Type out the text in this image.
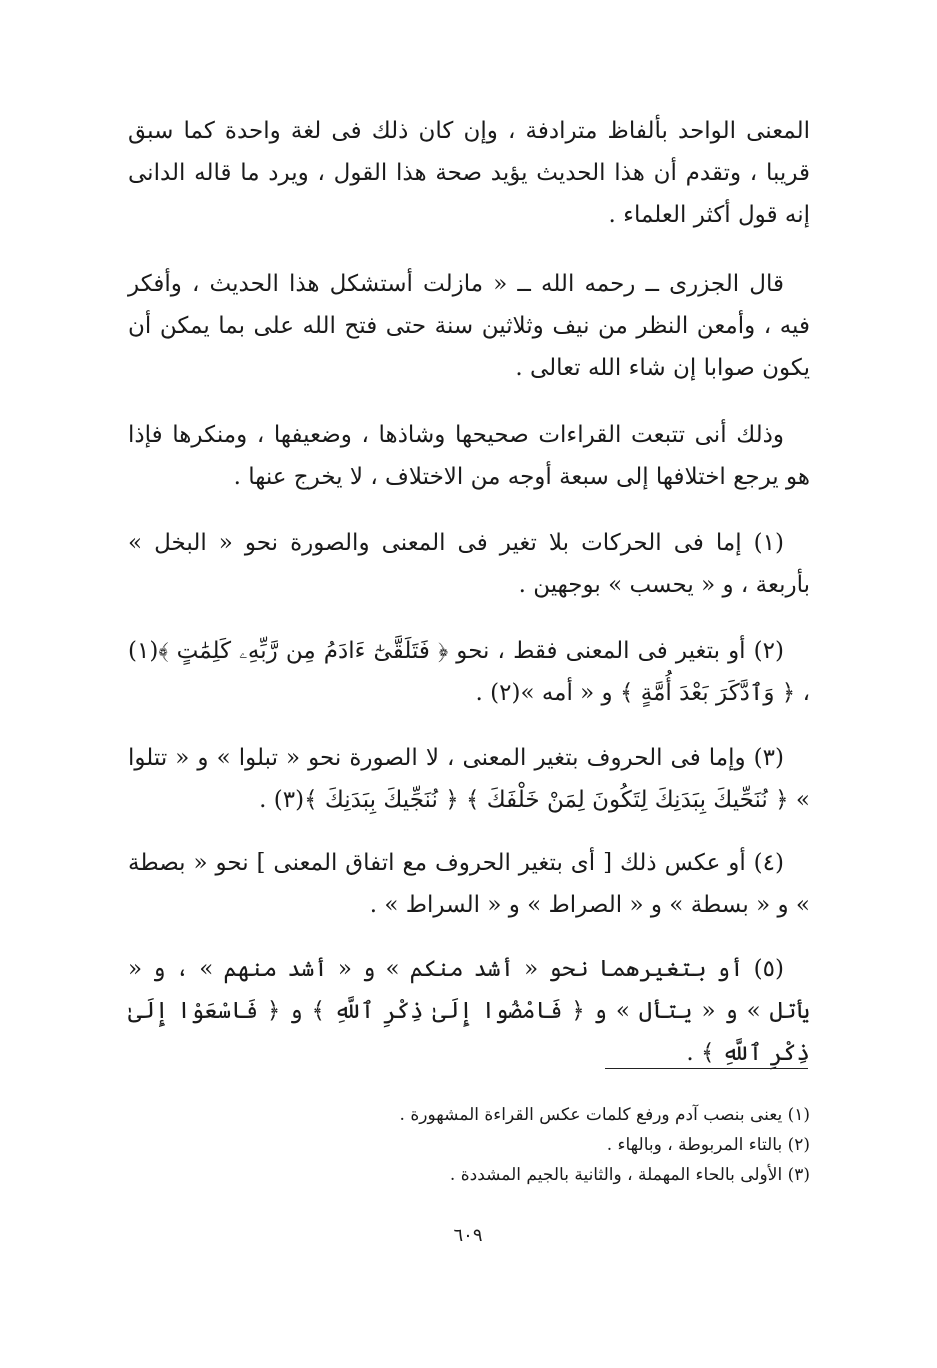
المعنى الواحد بألفاظ مترادفة ، وإن كان ذلك فى لغة واحدة كما سبق قريبا ، وتقدم أن هذا الحديث يؤيد صحة هذا القول ، ويرد ما قاله الدانى إنه قول أكثر العلماء .

قال الجزرى ــ رحمه الله ــ « مازلت أستشكل هذا الحديث ، وأفكر فيه ، وأمعن النظر من نيف وثلاثين سنة حتى فتح الله على بما يمكن أن يكون صوابا إن شاء الله تعالى .

وذلك أنى تتبعت القراءات صحيحها وشاذها ، وضعيفها ، ومنكرها فإذا هو يرجع اختلافها إلى سبعة أوجه من الاختلاف ، لا يخرج عنها .

(١) إما فى الحركات بلا تغير فى المعنى والصورة نحو « البخل » بأربعة ، و « يحسب » بوجهين .

(٢) أو بتغير فى المعنى فقط ، نحو ﴿ فَتَلَقَّىٰٓ ءَادَمُ مِن رَّبِّهِۦ كَلِمَٰتٍ ﴾(١) ، ﴿ وَٱدَّكَرَ بَعْدَ أُمَّةٍ ﴾ و « أمه »(٢) .

(٣) وإما فى الحروف بتغير المعنى ، لا الصورة نحو « تبلوا » و « تتلوا » ﴿ نُنَحِّيكَ بِبَدَنِكَ لِتَكُونَ لِمَنْ خَلْفَكَ ﴾ ﴿ نُنَجِّيكَ بِبَدَنِكَ ﴾(٣) .

(٤) أو عكس ذلك [ أى بتغير الحروف مع اتفاق المعنى ] نحو « بصطة » و « بسطة » و « الصراط » و « السراط » .

(٥) أو بتغيرهما نحو « أشد منكم » و « أشد منهم » ، و « يأتل » و « يتأل » و ﴿ فَامْضُوا إِلَىٰ ذِكْرِ ٱللَّهِ ﴾ و ﴿ فَاسْعَوْا إِلَىٰ ذِكْرِ ٱللَّهِ ﴾ .

(١) يعنى بنصب آدم ورفع كلمات عكس القراءة المشهورة .
(٢) بالتاء المربوطة ، وبالهاء .
(٣) الأولى بالحاء المهملة ، والثانية بالجيم المشددة .
٦٠٩
